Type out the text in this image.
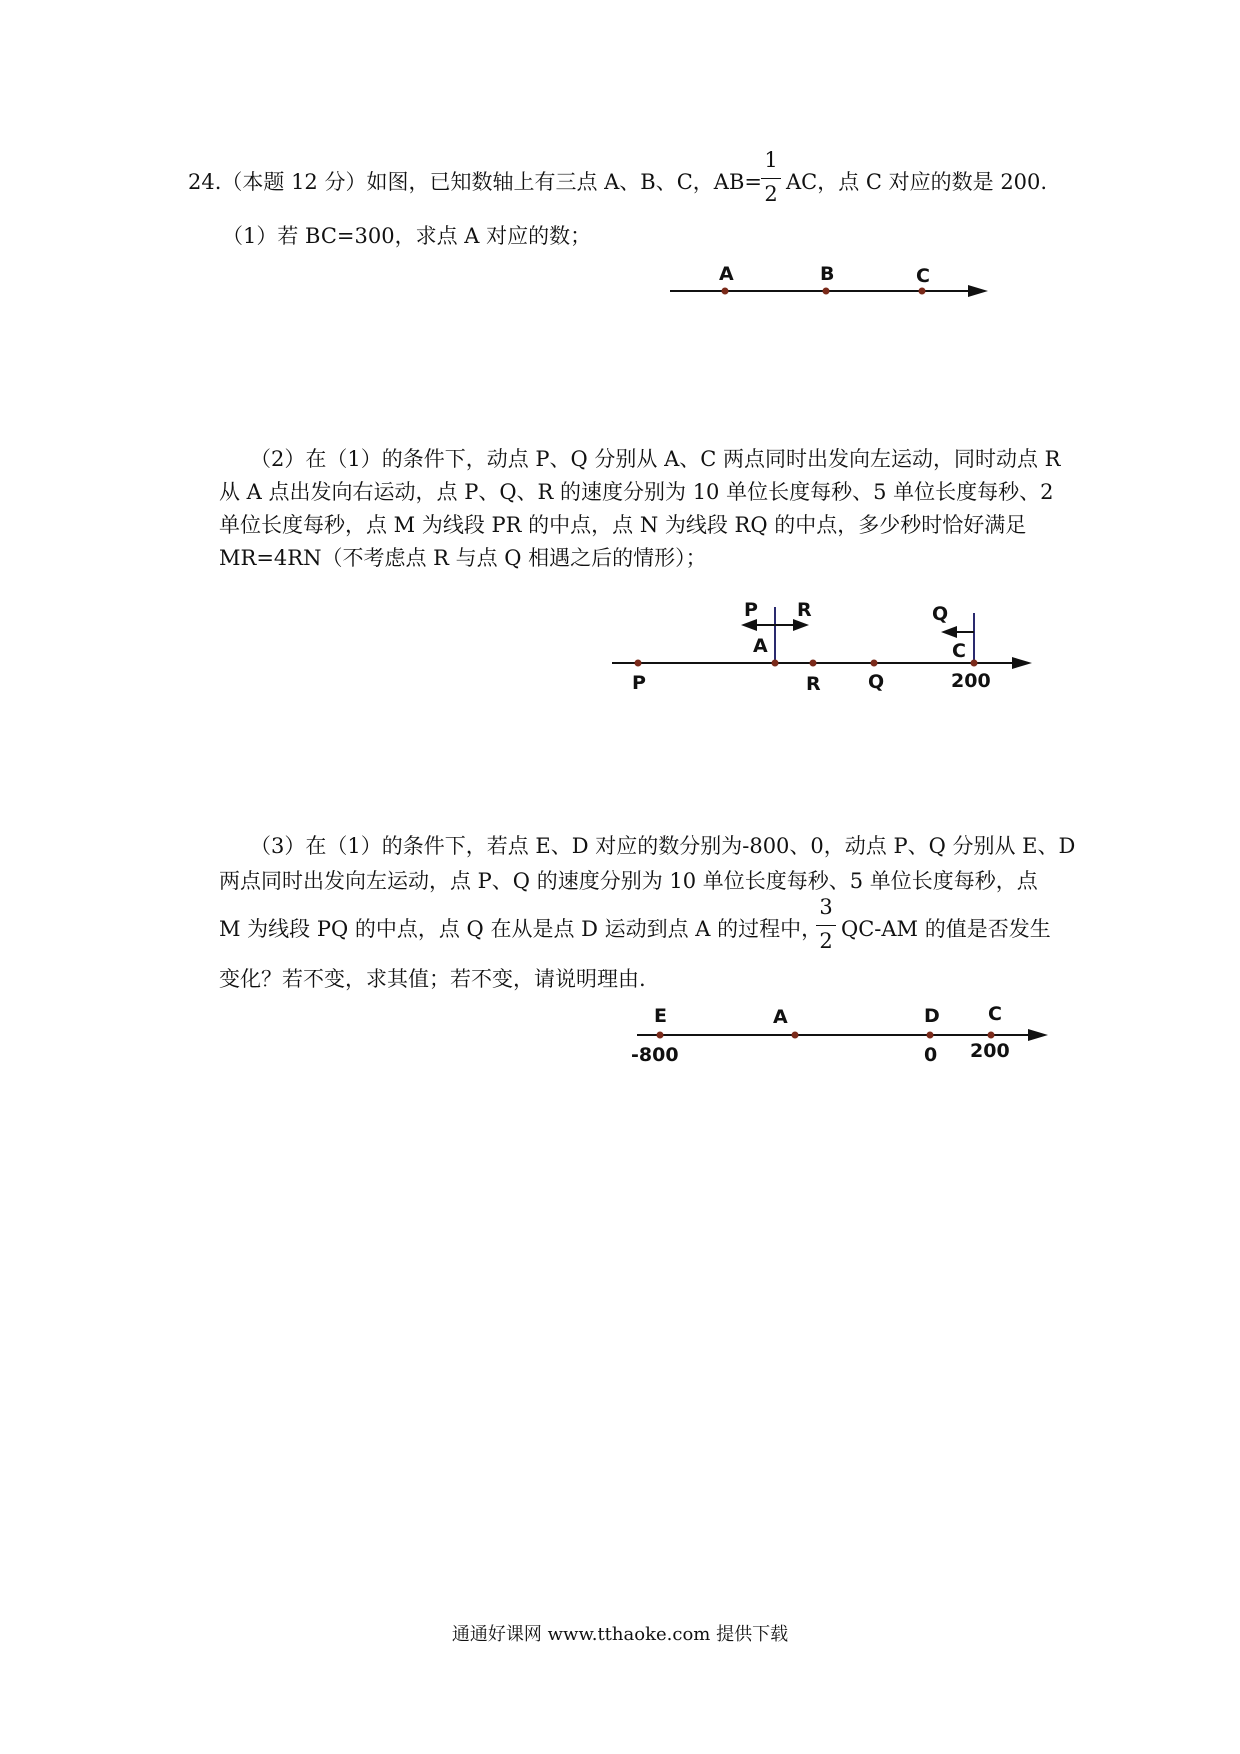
24.（本题 12 分）如图，已知数轴上有三点 A、B、C，AB=
1
2 AC，点 C 对应的数是 200.
（1）若 BC=300，求点 A 对应的数；
A	B	C
（2）在（1）的条件下，动点 P、Q 分别从 A、C 两点同时出发向左运动，同时动点 R
从 A 点出发向右运动，点 P、Q、R 的速度分别为 10 单位长度每秒、5 单位长度每秒、2
单位长度每秒，点 M 为线段 PR 的中点，点 N 为线段 RQ 的中点，多少秒时恰好满足
MR=4RN（不考虑点 R 与点 Q 相遇之后的情形）；
P R	Q
A	C
P	R Q	200
（3）在（1）的条件下，若点 E、D 对应的数分别为-800、0，动点 P、Q 分别从 E、D
两点同时出发向左运动，点 P、Q 的速度分别为 10 单位长度每秒、5 单位长度每秒，点
M 为线段 PQ 的中点，点 Q 在从是点 D 运动到点 A 的过程中，
3
2 QC-AM 的值是否发生
变化？若不变，求其值；若不变，请说明理由.
E	A	D	C
-800	0 200
通通好课网 www.tthaoke.com 提供下载
